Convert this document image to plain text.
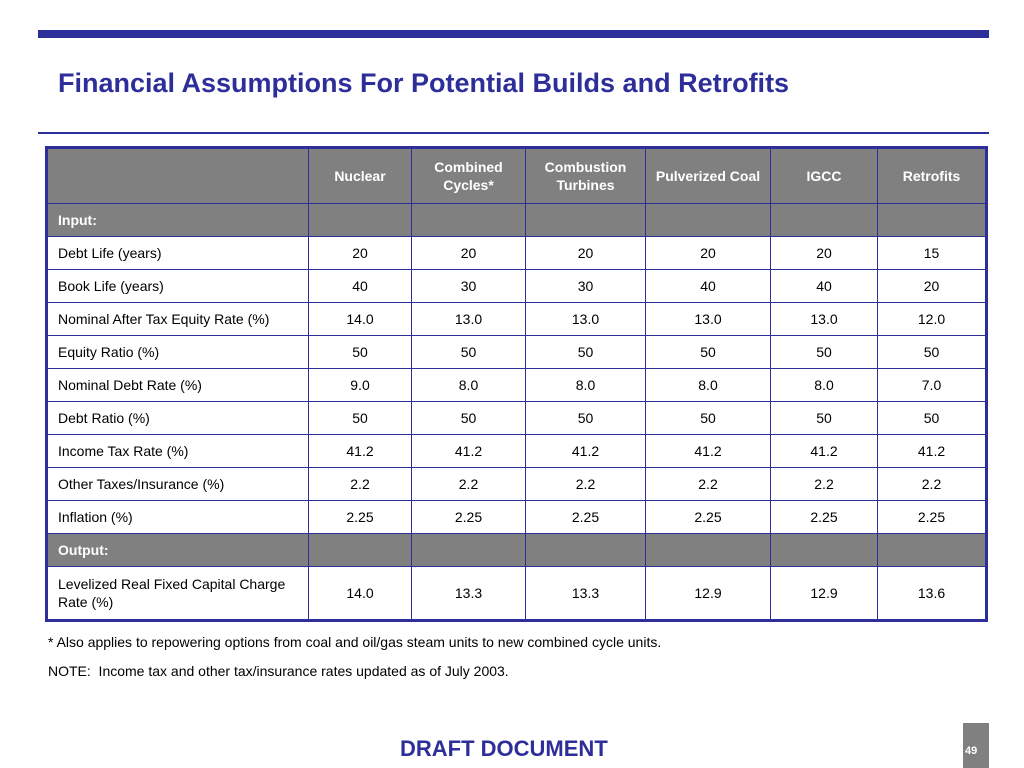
Financial Assumptions For Potential Builds and Retrofits
	Nuclear	Combined Cycles*	Combustion Turbines	Pulverized Coal	IGCC	Retrofits
Input:						
Debt Life (years)	20	20	20	20	20	15
Book Life (years)	40	30	30	40	40	20
Nominal After Tax Equity Rate (%)	14.0	13.0	13.0	13.0	13.0	12.0
Equity Ratio (%)	50	50	50	50	50	50
Nominal Debt Rate (%)	9.0	8.0	8.0	8.0	8.0	7.0
Debt Ratio (%)	50	50	50	50	50	50
Income Tax Rate (%)	41.2	41.2	41.2	41.2	41.2	41.2
Other Taxes/Insurance (%)	2.2	2.2	2.2	2.2	2.2	2.2
Inflation (%)	2.25	2.25	2.25	2.25	2.25	2.25
Output:						
Levelized Real Fixed Capital Charge Rate (%)	14.0	13.3	13.3	12.9	12.9	13.6
* Also applies to repowering options from coal and oil/gas steam units to new combined cycle units.
NOTE:  Income tax and other tax/insurance rates updated as of July 2003.
DRAFT DOCUMENT	49
